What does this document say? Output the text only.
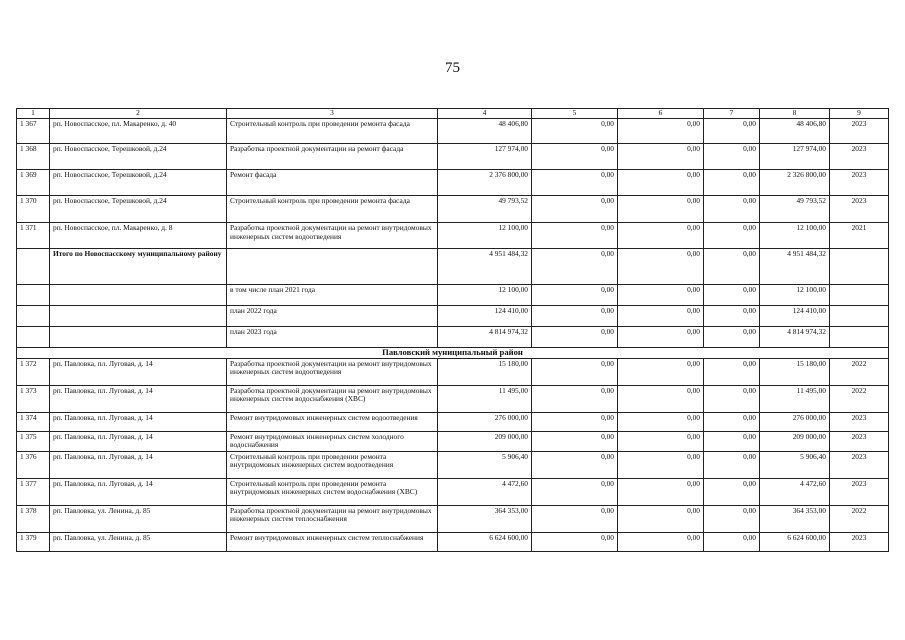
75
1	2	3	4	5	6	7	8	9
1 367	рп. Новоспасское, пл. Макаренко, д. 40	Строительный контроль при проведении ремонта фасада	48 406,80	0,00	0,00	0,00	48 406,80	2023
1 368	рп. Новоспасское, Терешковой, д.24	Разработка проектной документации на ремонт фасада	127 974,00	0,00	0,00	0,00	127 974,00	2023
1 369	рп. Новоспасское, Терешковой, д.24	Ремонт фасада	2 376 800,00	0,00	0,00	0,00	2 326 800,00	2023
1 370	рп. Новоспасское, Терешковой, д.24	Строительный контроль при проведении ремонта фасада	49 793,52	0,00	0,00	0,00	49 793,52	2023
1 371	рп. Новоспасское, пл. Макаренко, д. 8	Разработка проектной документации на ремонт внутридомовых инженерных систем водоотведения	12 100,00	0,00	0,00	0,00	12 100,00	2021
	Итого по Новоспасскому муниципальному району		4 951 484,32	0,00	0,00	0,00	4 951 484,32	
		в том числе план 2021 года	12 100,00	0,00	0,00	0,00	12 100,00	
		план 2022 года	124 410,00	0,00	0,00	0,00	124 410,00	
		план 2023 года	4 814 974,32	0,00	0,00	0,00	4 814 974,32	
Павловский муниципальный район								
1 372	рп. Павловка, пл. Луговая, д. 14	Разработка проектной документации на ремонт внутридомовых инженерных систем водоотведения	15 180,00	0,00	0,00	0,00	15 180,00	2022
1 373	рп. Павловка, пл. Луговая, д. 14	Разработка проектной документации на ремонт внутридомовых инженерных систем водоснабжения (ХВС)	11 495,00	0,00	0,00	0,00	11 495,00	2022
1 374	рп. Павловка, пл. Луговая, д. 14	Ремонт внутридомовых инженерных систем водоотведения	276 000,00	0,00	0,00	0,00	276 000,00	2023
1 375	рп. Павловка, пл. Луговая, д. 14	Ремонт внутридомовых инженерных систем холодного водоснабжения	209 000,00	0,00	0,00	0,00	209 000,00	2023
1 376	рп. Павловка, пл. Луговая, д. 14	Строительный контроль при проведении ремонта внутридомовых инженерных систем водоотведения	5 906,40	0,00	0,00	0,00	5 906,40	2023
1 377	рп. Павловка, пл. Луговая, д. 14	Строительный контроль при проведении ремонта внутридомовых инженерных систем водоснабжения (ХВС)	4 472,60	0,00	0,00	0,00	4 472,60	2023
1 378	рп. Павловка, ул. Ленина, д. 85	Разработка проектной документации на ремонт внутридомовых инженерных систем теплоснабжения	364 353,00	0,00	0,00	0,00	364 353,00	2022
1 379	рп. Павловка, ул. Ленина, д. 85	Ремонт внутридомовых инженерных систем теплоснабжения	6 624 600,00	0,00	0,00	0,00	6 624 600,00	2023
